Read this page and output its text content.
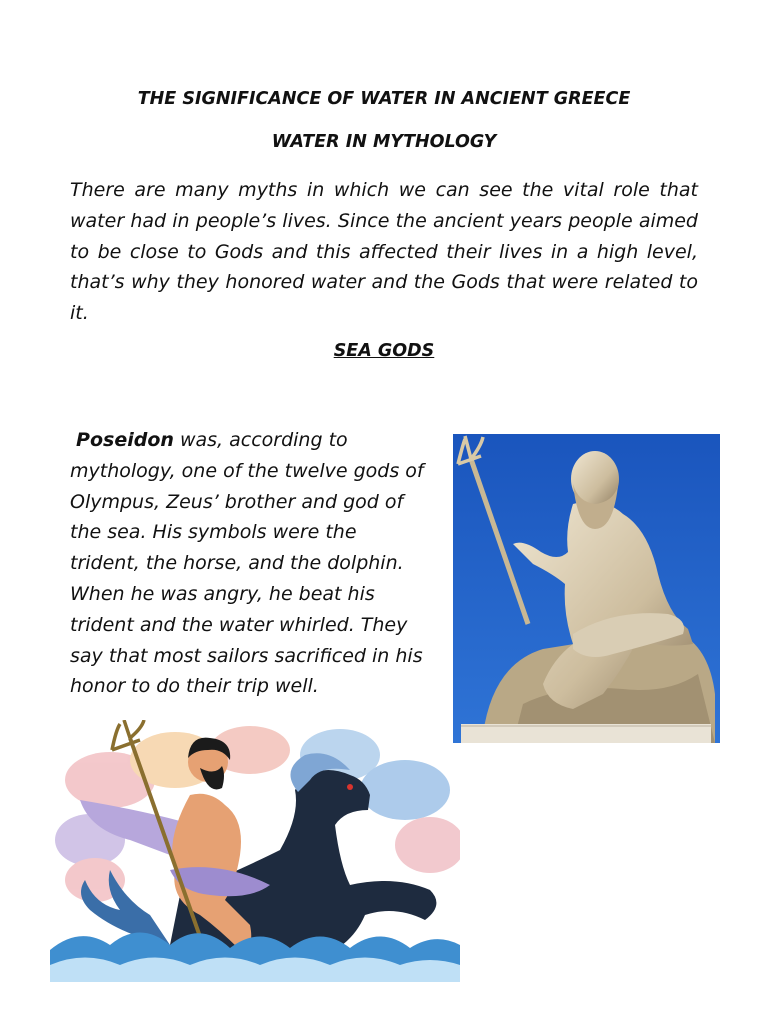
THE SIGNIFICANCE OF WATER IN ANCIENT GREECE
WATER IN MYTHOLOGY

There are many myths in which we can see the vital role that water had in people’s lives. Since the ancient years people aimed to be close to Gods and this affected their lives in a high level, that’s why they honored water and the Gods that were related to it.

SEA GODS

Poseidon was, according to mythology, one of the twelve gods of Olympus, Zeus’ brother and god of the sea. His symbols were the trident, the horse, and the dolphin. When he was angry, he beat his trident and the water whirled. They say that most sailors sacrificed in his honor to do their trip well.
